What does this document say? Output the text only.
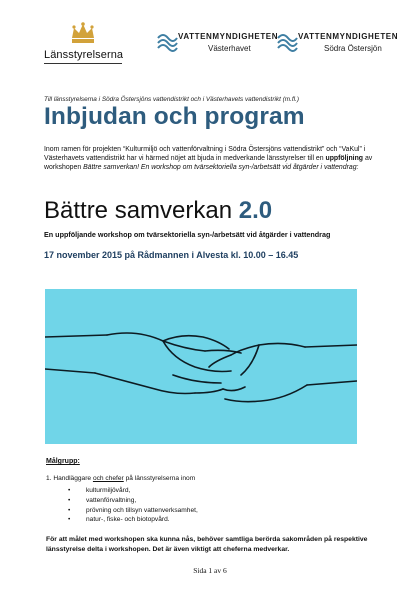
Länsstyrelserna
VATTENMYNDIGHETEN
Västerhavet
VATTENMYNDIGHETEN
Södra Östersjön
Till länsstyrelserna i Södra Östersjöns vattendistrikt och i Västerhavets vattendistrikt (m.fl.)
Inbjudan och program
Inom ramen för projekten “Kulturmiljö och vattenförvaltning i Södra Östersjöns vattendistrikt” och “VaKul” i Västerhavets vattendistrikt har vi härmed nöjet att bjuda in medverkande länsstyrelser till en uppföljning av workshopen Bättre samverkan! En workshop om tvärsektoriella syn-/arbetsätt vid åtgärder i vattendrag:
Bättre samverkan 2.0
En uppföljande workshop om tvärsektoriella syn-/arbetsätt vid åtgärder i vattendrag
17 november 2015 på Rådmannen i Alvesta kl. 10.00 – 16.45
Målgrupp:
1. Handläggare och chefer på länsstyrelserna inom
• kulturmiljövård,
• vattenförvaltning,
• prövning och tillsyn vattenverksamhet,
• natur-, fiske- och biotopvård.
För att målet med workshopen ska kunna nås, behöver samtliga berörda sakområden på respektive länsstyrelse delta i workshopen. Det är även viktigt att cheferna medverkar.
Sida 1 av 6
